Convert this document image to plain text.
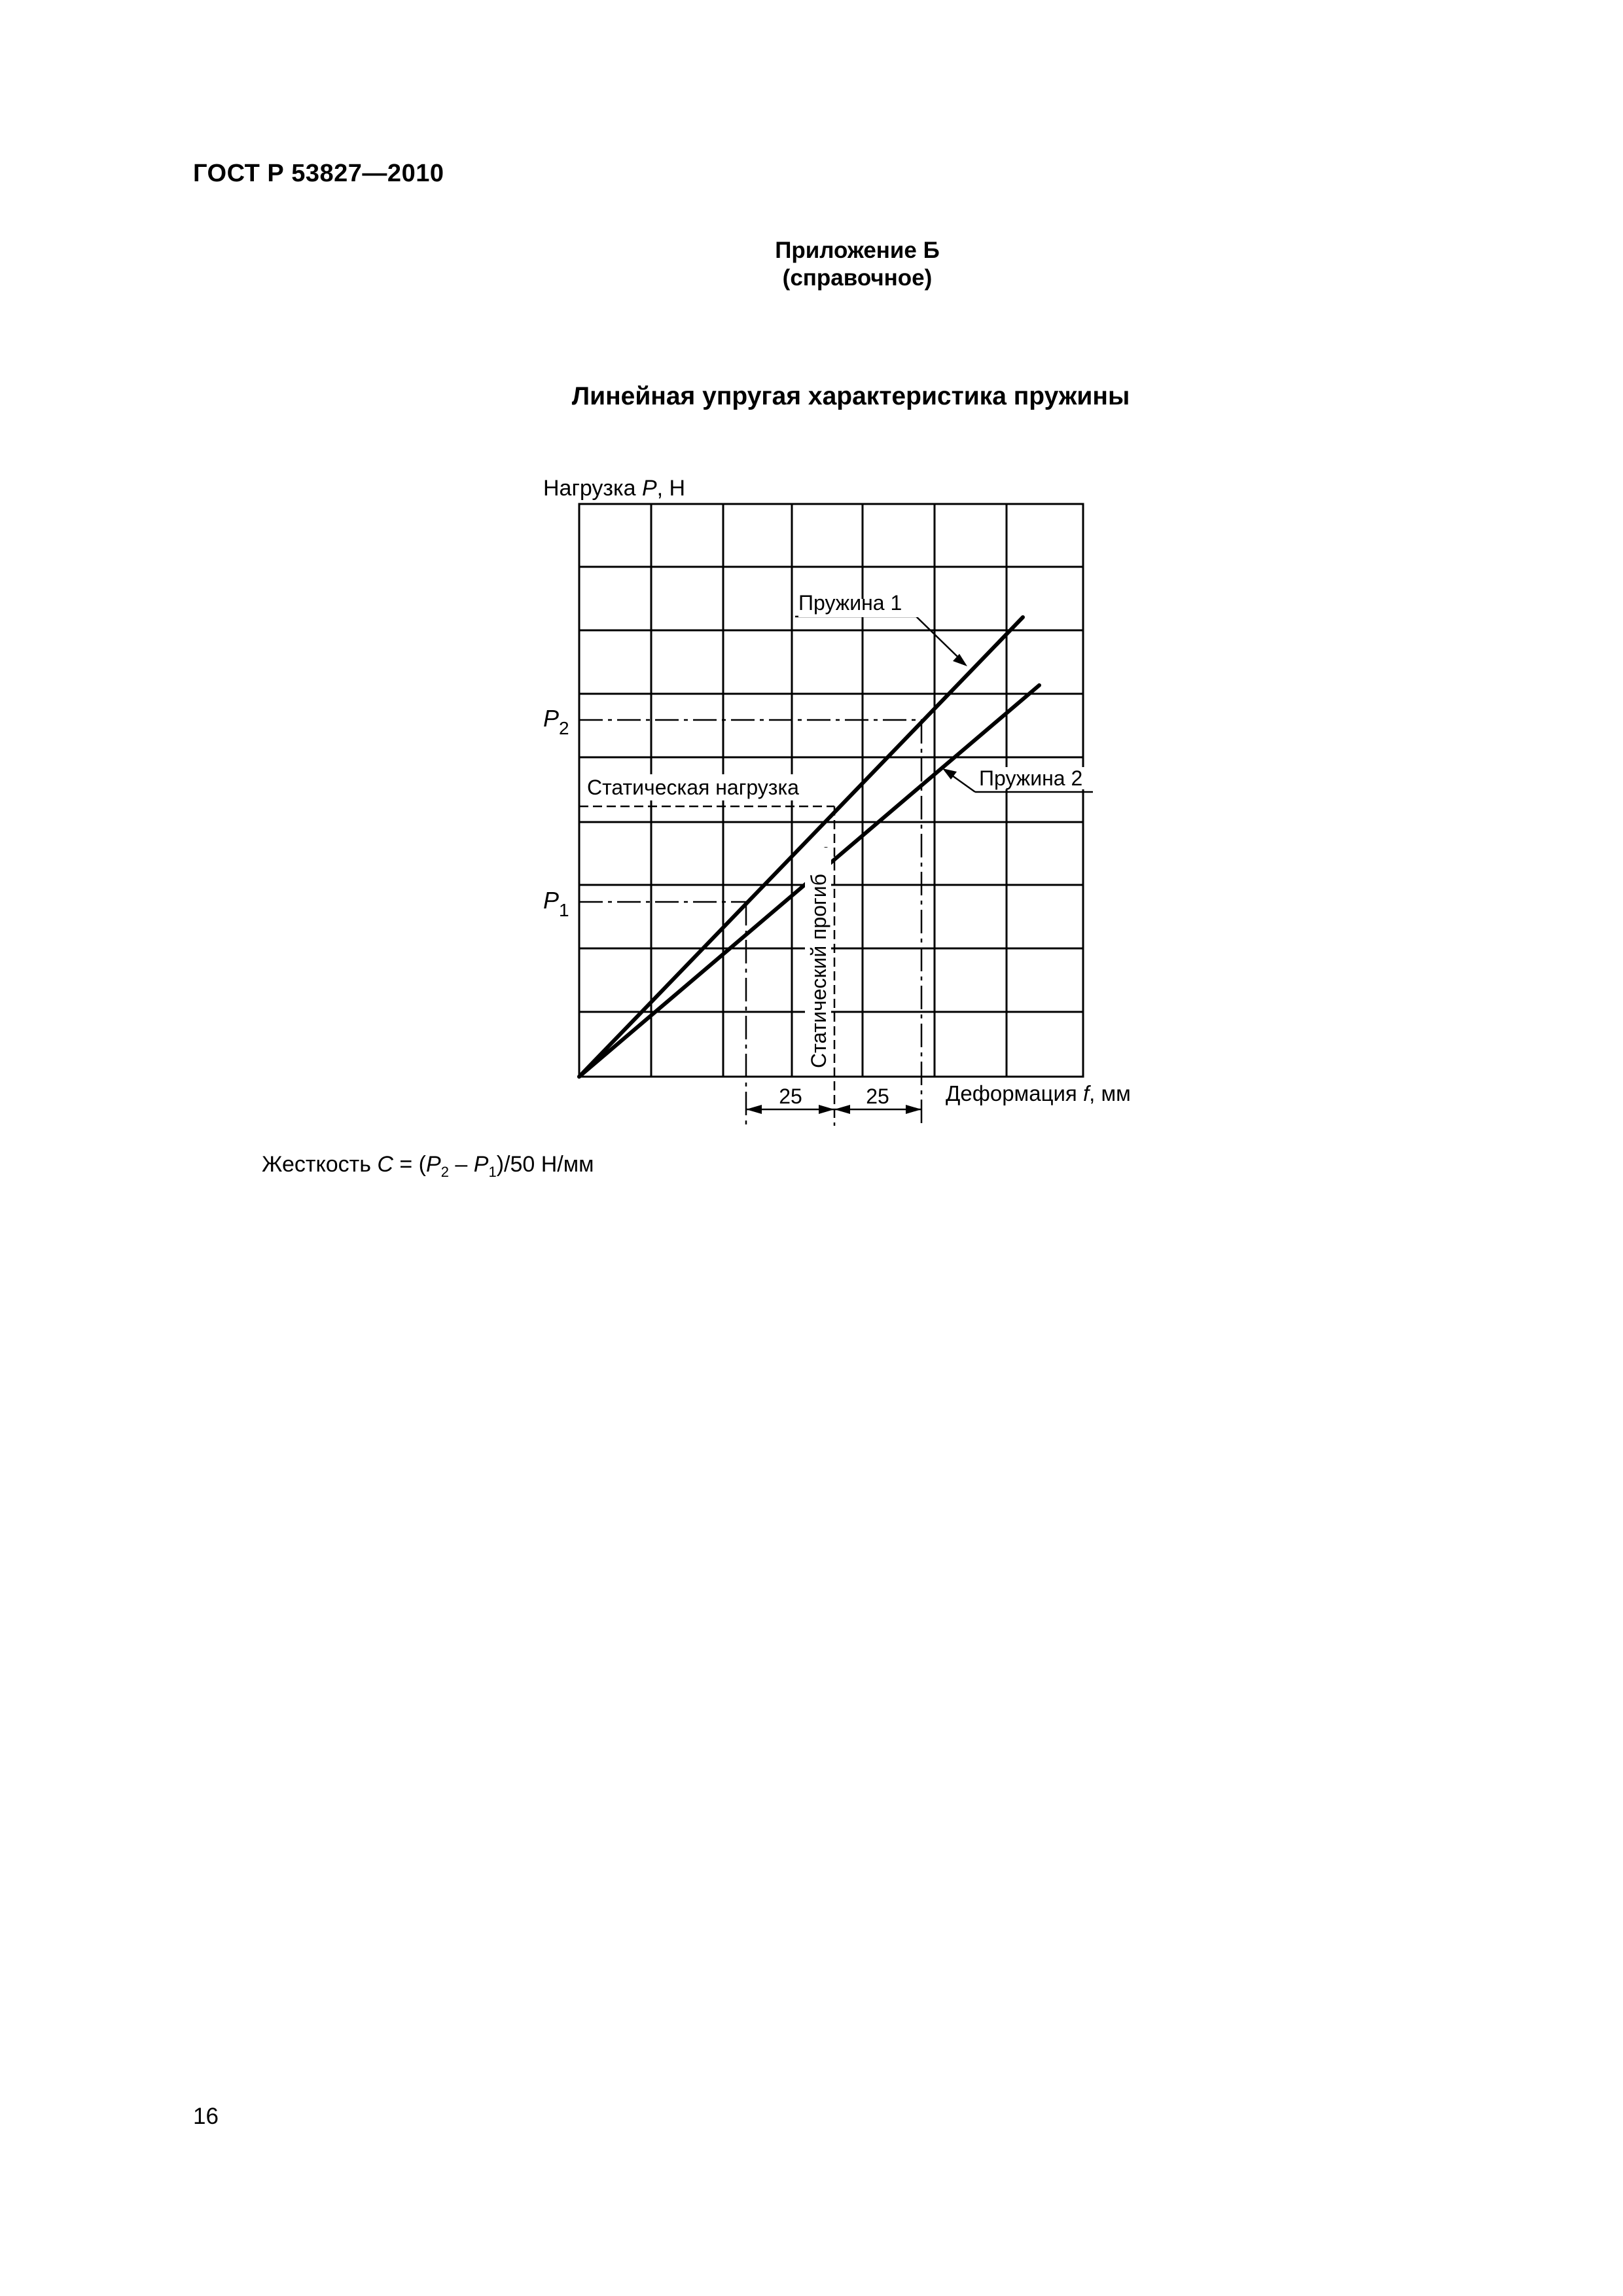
ГОСТ Р 53827—2010
Приложение Б
(справочное)
Линейная упругая характеристика пружины
Нагрузка P, Н
$P_2$
$P_1$
Статическая нагрузка
Пружина 1
Пружина 2
Статический прогиб
25	25	Деформация f, мм
Жесткость $C = (P_2 - P_1)/50$ Н/мм
16
